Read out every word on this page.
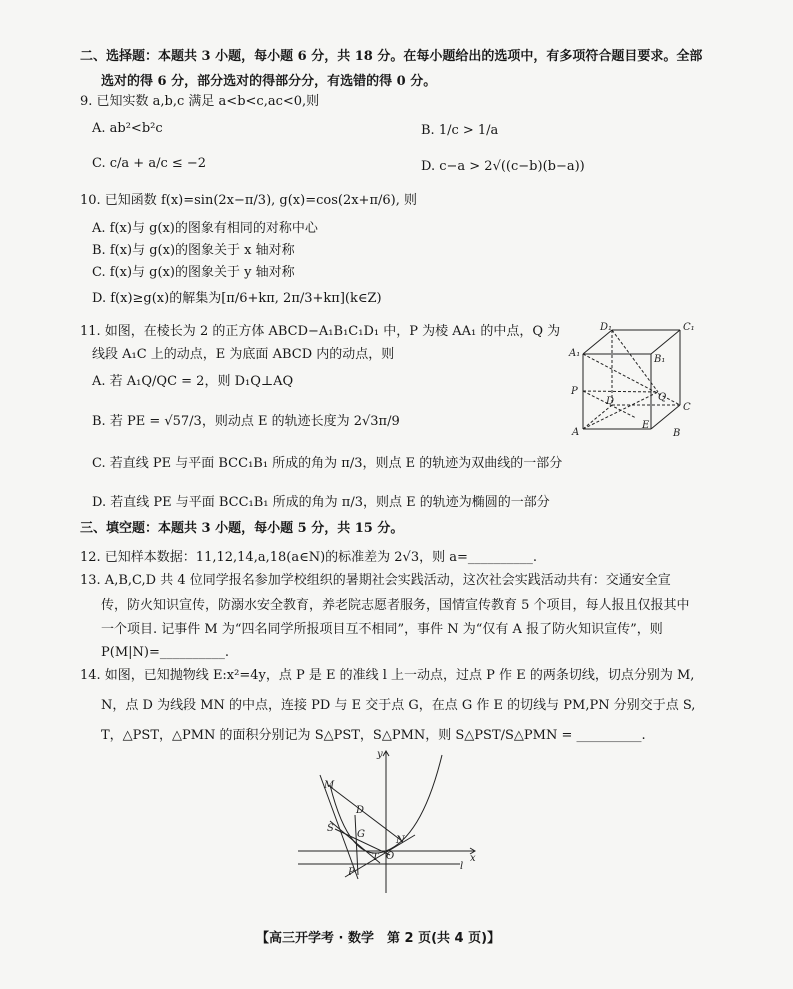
二、选择题：本题共 3 小题，每小题 6 分，共 18 分。在每小题给出的选项中，有多项符合题目要求。全部
选对的得 6 分，部分选对的得部分分，有选错的得 0 分。
9. 已知实数 a,b,c 满足 a<b<c,ac<0,则
A. ab²<b²c	B. 1/c > 1/a
C. c/a + a/c ≤ −2	D. c−a > 2√((c−b)(b−a))
10. 已知函数 f(x)=sin(2x−π/3), g(x)=cos(2x+π/6), 则
A. f(x)与 g(x)的图象有相同的对称中心
B. f(x)与 g(x)的图象关于 x 轴对称
C. f(x)与 g(x)的图象关于 y 轴对称
D. f(x)≥g(x)的解集为[π/6+kπ, 2π/3+kπ](k∈Z)
11. 如图，在棱长为 2 的正方体 ABCD−A₁B₁C₁D₁ 中，P 为棱 AA₁ 的中点，Q 为
线段 A₁C 上的动点，E 为底面 ABCD 内的动点，则
A. 若 A₁Q/QC = 2，则 D₁Q⊥AQ
B. 若 PE = √57/3，则动点 E 的轨迹长度为 2√3π/9
C. 若直线 PE 与平面 BCC₁B₁ 所成的角为 π/3，则点 E 的轨迹为双曲线的一部分
D. 若直线 PE 与平面 BCC₁B₁ 所成的角为 π/3，则点 E 的轨迹为椭圆的一部分
D₁	C₁
A₁
B₁
P
D	Q
C
A
E
B
三、填空题：本题共 3 小题，每小题 5 分，共 15 分。
12. 已知样本数据：11,12,14,a,18(a∈N)的标准差为 2√3，则 a=__________.
13. A,B,C,D 共 4 位同学报名参加学校组织的暑期社会实践活动，这次社会实践活动共有：交通安全宣
传，防火知识宣传，防溺水安全教育，养老院志愿者服务，国情宣传教育 5 个项目，每人报且仅报其中
一个项目. 记事件 M 为“四名同学所报项目互不相同”，事件 N 为“仅有 A 报了防火知识宣传”，则
P(M|N)=__________.
14. 如图，已知抛物线 E:x²=4y，点 P 是 E 的准线 l 上一动点，过点 P 作 E 的两条切线，切点分别为 M,
N，点 D 为线段 MN 的中点，连接 PD 与 E 交于点 G，在点 G 作 E 的切线与 PM,PN 分别交于点 S,
T，△PST，△PMN 的面积分别记为 S△PST，S△PMN，则 S△PST/S△PMN = __________.
y
M
D
S
G
N
O
T	x
P
l
【高三开学考 · 数学　第 2 页(共 4 页)】
